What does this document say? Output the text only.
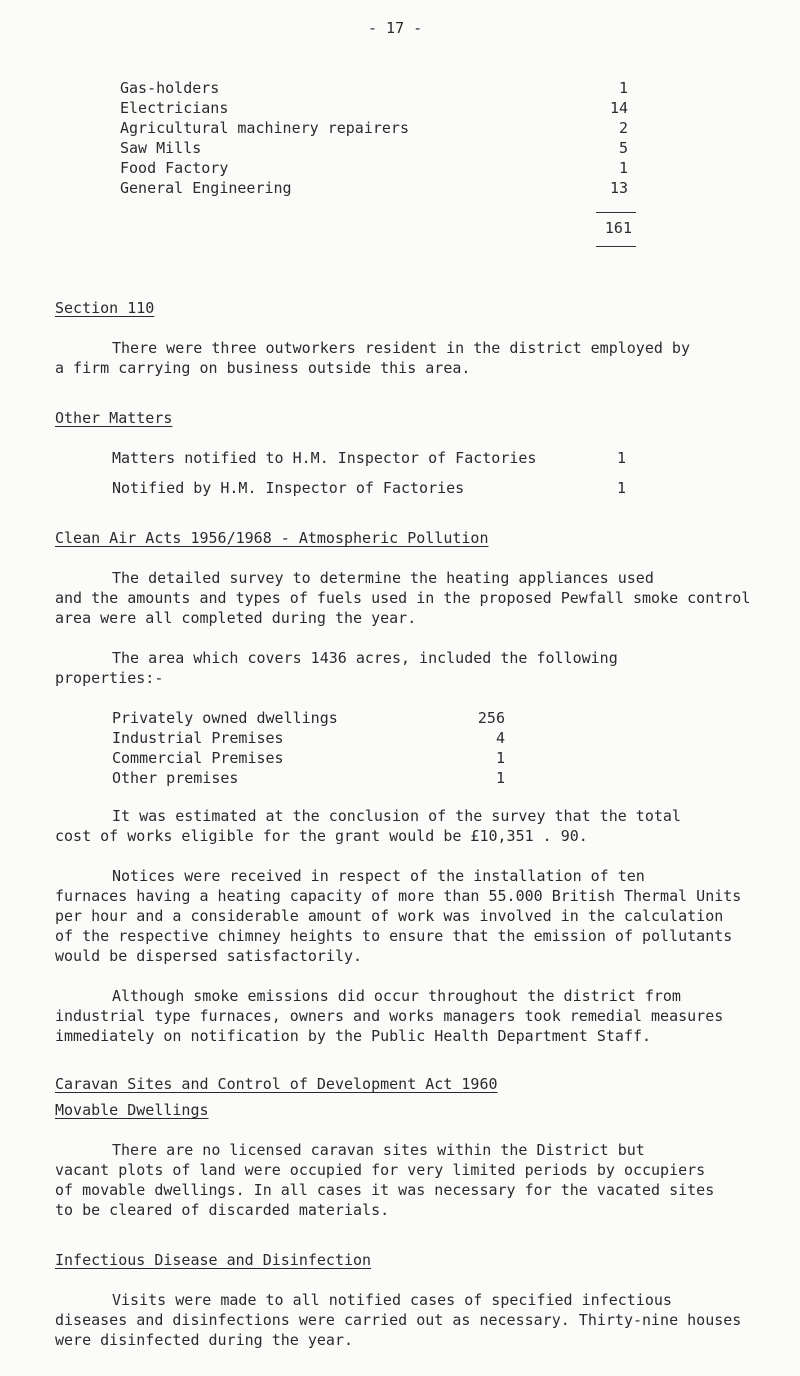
- 17 -
Gas-holders	1
Electricians	14
Agricultural machinery repairers	2
Saw Mills	5
Food Factory	1
General Engineering	13
161
Section 110
There were three outworkers resident in the district employed by
a firm carrying on business outside this area.
Other Matters
Matters notified to H.M. Inspector of Factories	1
Notified by H.M. Inspector of Factories	1
Clean Air Acts 1956/1968 - Atmospheric Pollution
The detailed survey to determine the heating appliances used
and the amounts and types of fuels used in the proposed Pewfall smoke control
area were all completed during the year.
The area which covers 1436 acres, included the following
properties:-
Privately owned dwellings	256
Industrial Premises	4
Commercial Premises	1
Other premises	1
It was estimated at the conclusion of the survey that the total
cost of works eligible for the grant would be £10,351 . 90.
Notices were received in respect of the installation of ten
furnaces having a heating capacity of more than 55.000 British Thermal Units
per hour and a considerable amount of work was involved in the calculation
of the respective chimney heights to ensure that the emission of pollutants
would be dispersed satisfactorily.
Although smoke emissions did occur throughout the district from
industrial type furnaces, owners and works managers took remedial measures
immediately on notification by the Public Health Department Staff.
Caravan Sites and Control of Development Act 1960
Movable Dwellings
There are no licensed caravan sites within the District but
vacant plots of land were occupied for very limited periods by occupiers
of movable dwellings. In all cases it was necessary for the vacated sites
to be cleared of discarded materials.
Infectious Disease and Disinfection
Visits were made to all notified cases of specified infectious
diseases and disinfections were carried out as necessary. Thirty-nine houses
were disinfected during the year.
